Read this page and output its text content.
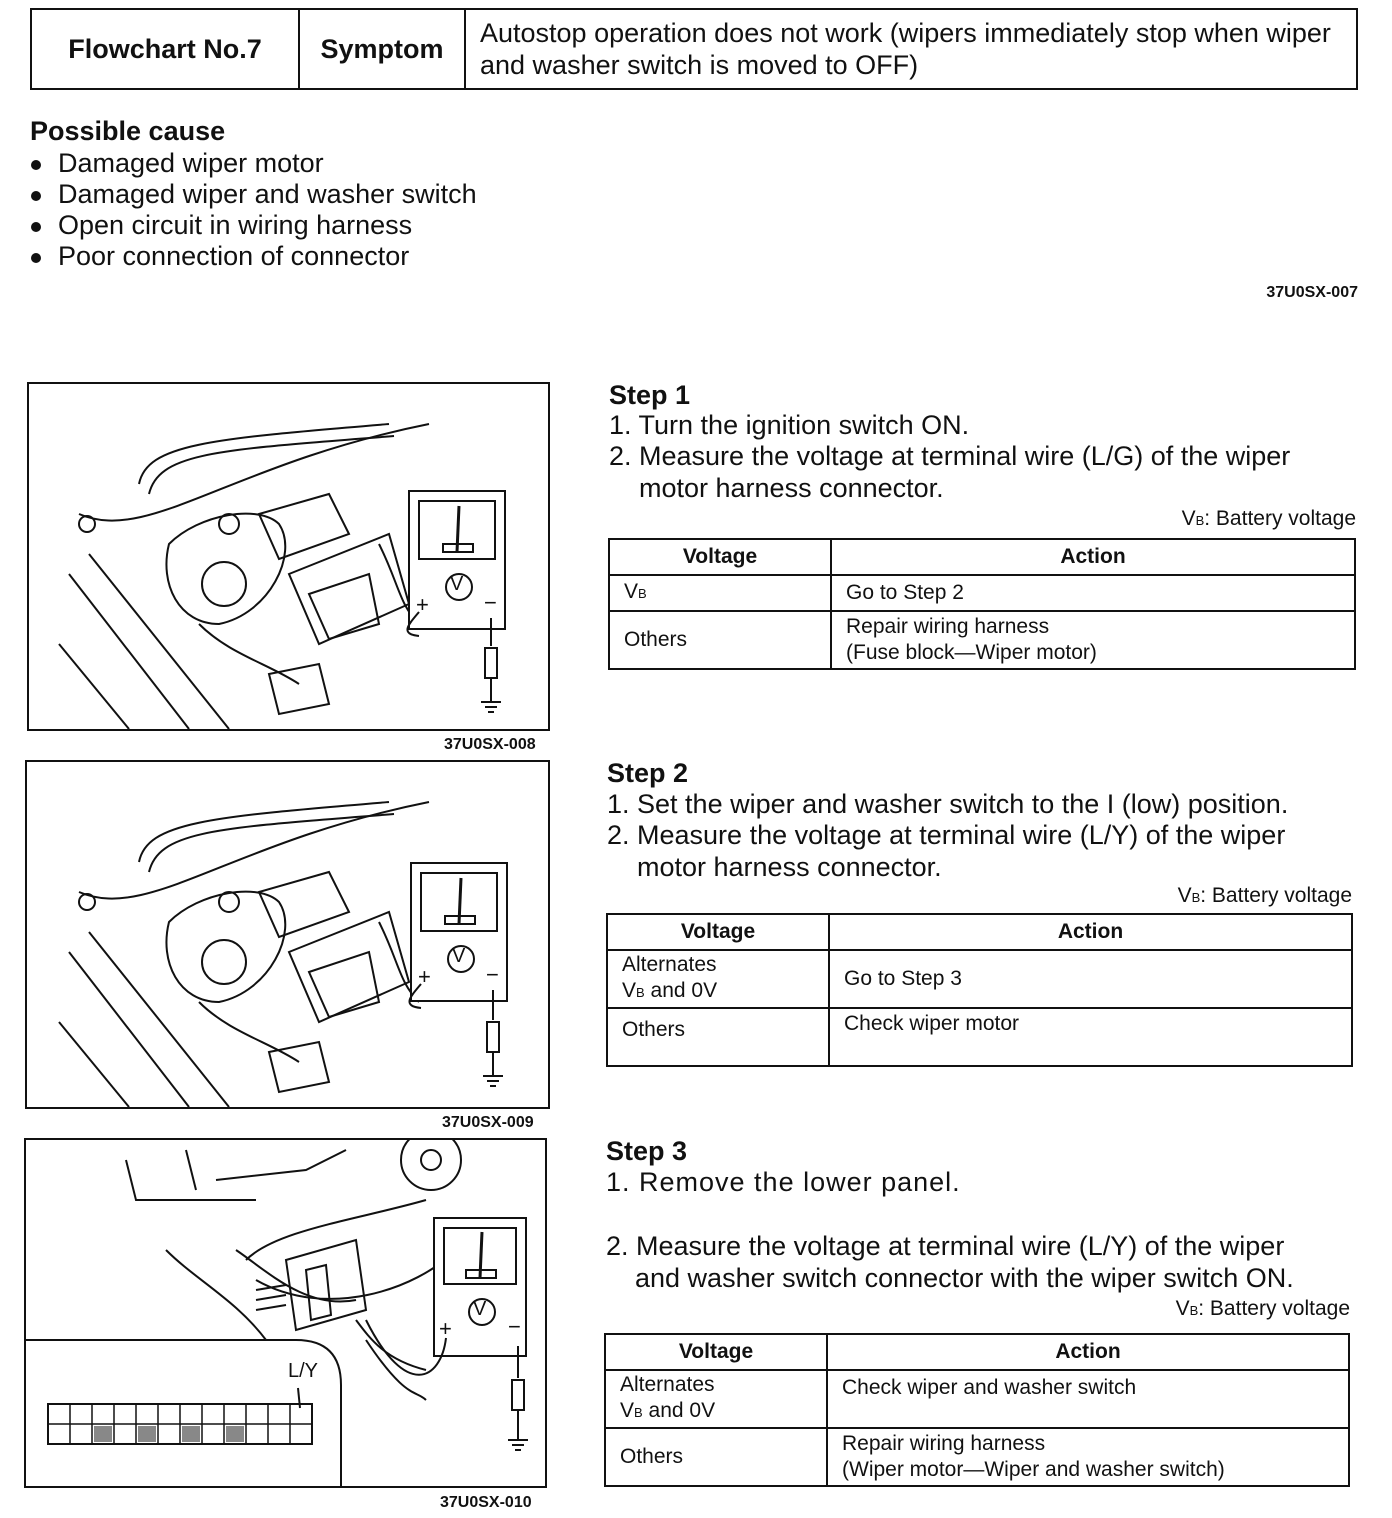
Flowchart No.7	Symptom
Autostop operation does not work (wipers immediately stop when wiper and washer switch is moved to OFF)
Possible cause
Damaged wiper motor
Damaged wiper and washer switch
Open circuit in wiring harness
Poor connection of connector
37U0SX-007
V
+	−
37U0SX-008
V
+	−
37U0SX-009
V
+	−
L/Y
37U0SX-010
Step 1
1. Turn the ignition switch ON.
2. Measure the voltage at terminal wire (L/G) of the wiper
motor harness connector.
VB: Battery voltage
Voltage	Action
VB	Go to Step 2
Others	Repair wiring harness
(Fuse block—Wiper motor)
Step 2
1. Set the wiper and washer switch to the I (low) position.
2. Measure the voltage at terminal wire (L/Y) of the wiper
motor harness connector.
VB: Battery voltage
Voltage	Action

Alternates
VB and 0V	Go to Step 3
Others	Check wiper motor
Step 3
1. Remove the lower panel.
2. Measure the voltage at terminal wire (L/Y) of the wiper
and washer switch connector with the wiper switch ON.
VB: Battery voltage
Voltage	Action

Alternates
VB and 0V	Check wiper and washer switch
Others	Repair wiring harness
(Wiper motor—Wiper and washer switch)
